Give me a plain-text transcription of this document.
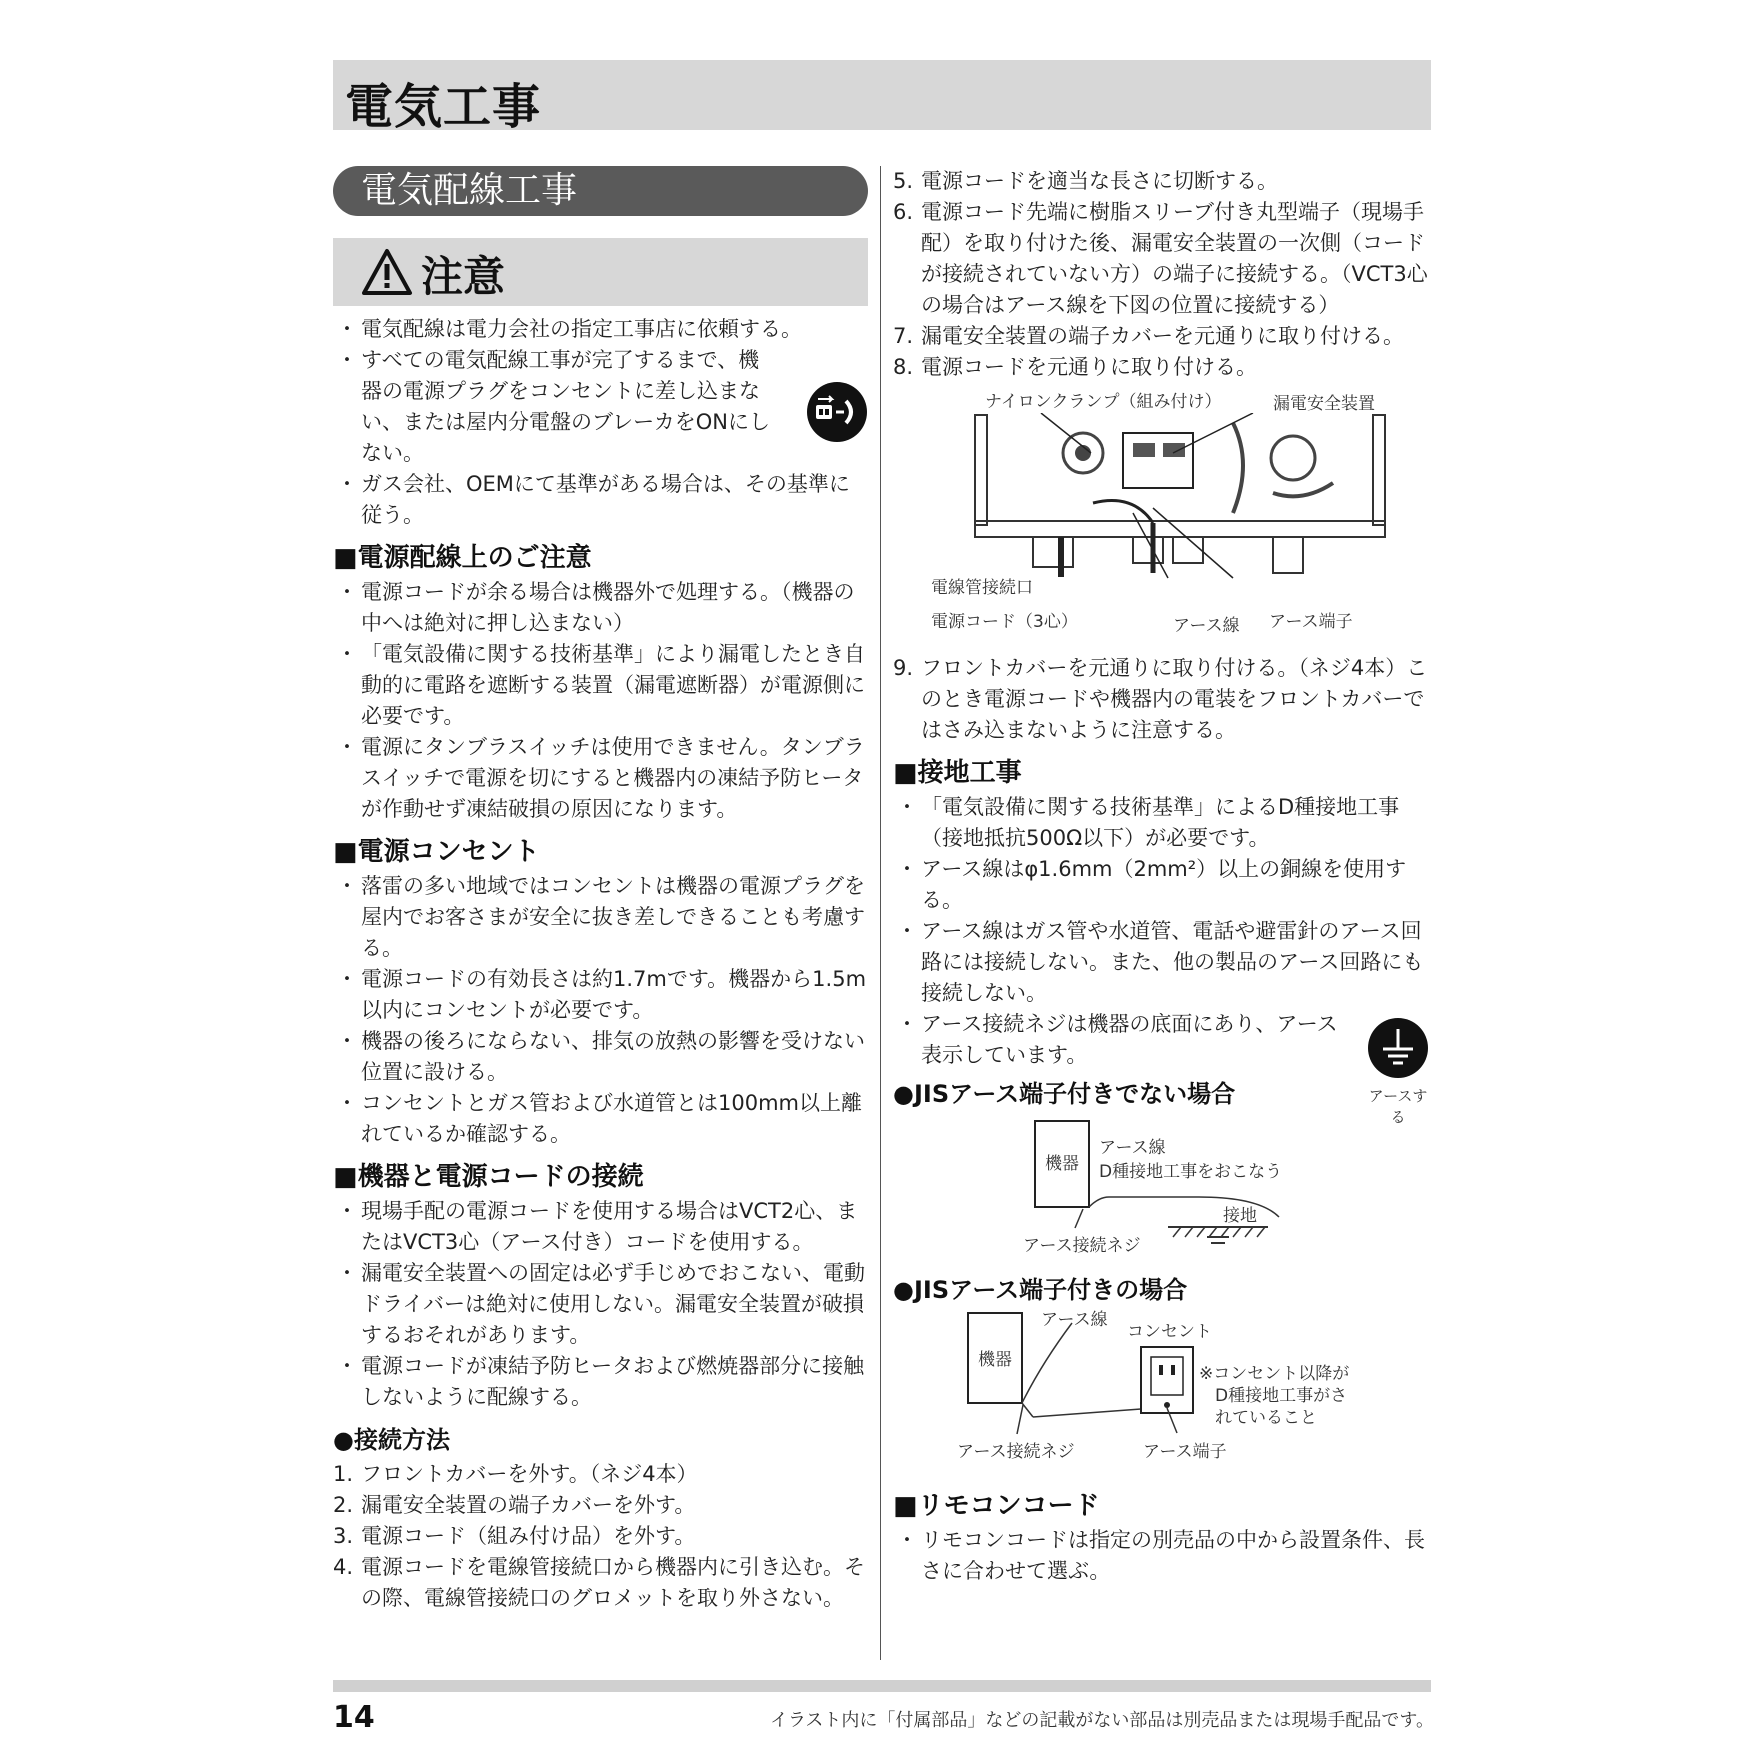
電気工事
電気配線工事
注意

・ 電気配線は電力会社の指定工事店に依頼する。

・ すべての電気配線工事が完了するまで、機器の電源プラグをコンセントに差し込まない、または屋内分電盤のブレーカをONにしない。

・ ガス会社、OEMにて基準がある場合は、その基準に従う。

■電源配線上のご注意

・ 電源コードが余る場合は機器外で処理する。（機器の中へは絶対に押し込まない）

・ 「電気設備に関する技術基準」により漏電したとき自動的に電路を遮断する装置（漏電遮断器）が電源側に必要です。

・ 電源にタンブラスイッチは使用できません。タンブラスイッチで電源を切にすると機器内の凍結予防ヒータが作動せず凍結破損の原因になります。

■電源コンセント

・ 落雷の多い地域ではコンセントは機器の電源プラグを屋内でお客さまが安全に抜き差しできることも考慮する。

・ 電源コードの有効長さは約1.7mです。機器から1.5m以内にコンセントが必要です。

・ 機器の後ろにならない、排気の放熱の影響を受けない位置に設ける。

・ コンセントとガス管および水道管とは100mm以上離れているか確認する。

■機器と電源コードの接続

・ 現場手配の電源コードを使用する場合はVCT2心、またはVCT3心（アース付き）コードを使用する。

・ 漏電安全装置への固定は必ず手じめでおこない、電動ドライバーは絶対に使用しない。漏電安全装置が破損するおそれがあります。

・ 電源コードが凍結予防ヒータおよび燃焼器部分に接触しないように配線する。

●接続方法

1. フロントカバーを外す。（ネジ4本）

2. 漏電安全装置の端子カバーを外す。

3. 電源コード（組み付け品）を外す。

4. 電源コードを電線管接続口から機器内に引き込む。その際、電線管接続口のグロメットを取り外さない。

5. 電源コードを適当な長さに切断する。

6. 電源コード先端に樹脂スリーブ付き丸型端子（現場手配）を取り付けた後、漏電安全装置の一次側（コードが接続されていない方）の端子に接続する。（VCT3心の場合はアース線を下図の位置に接続する）

7. 漏電安全装置の端子カバーを元通りに取り付ける。

8. 電源コードを元通りに取り付ける。

ナイロンクランプ（組み付け）	漏電安全装置
電線管接続口
電源コード（3心）	アース線 アース端子

9. フロントカバーを元通りに取り付ける。（ネジ4本）このとき電源コードや機器内の電装をフロントカバーではさみ込まないように注意する。

■接地工事

・ 「電気設備に関する技術基準」によるD種接地工事（接地抵抗500Ω以下）が必要です。

・ アース線はφ1.6mm（2mm²）以上の銅線を使用する。

・ アース線はガス管や水道管、電話や避雷針のアース回路には接続しない。また、他の製品のアース回路にも接続しない。

・ アース接続ネジは機器の底面にあり、アース表示しています。

アースする
●JISアース端子付きでない場合
機器
アース線
D種接地工事をおこなう
接地
アース接続ネジ
●JISアース端子付きの場合
機器
アース線
コンセント
※コンセント以降が
D種接地工事がさ
れていること
アース接続ネジ	アース端子
■リモコンコード

・ リモコンコードは指定の別売品の中から設置条件、長さに合わせて選ぶ。

14	イラスト内に「付属部品」などの記載がない部品は別売品または現場手配品です。
